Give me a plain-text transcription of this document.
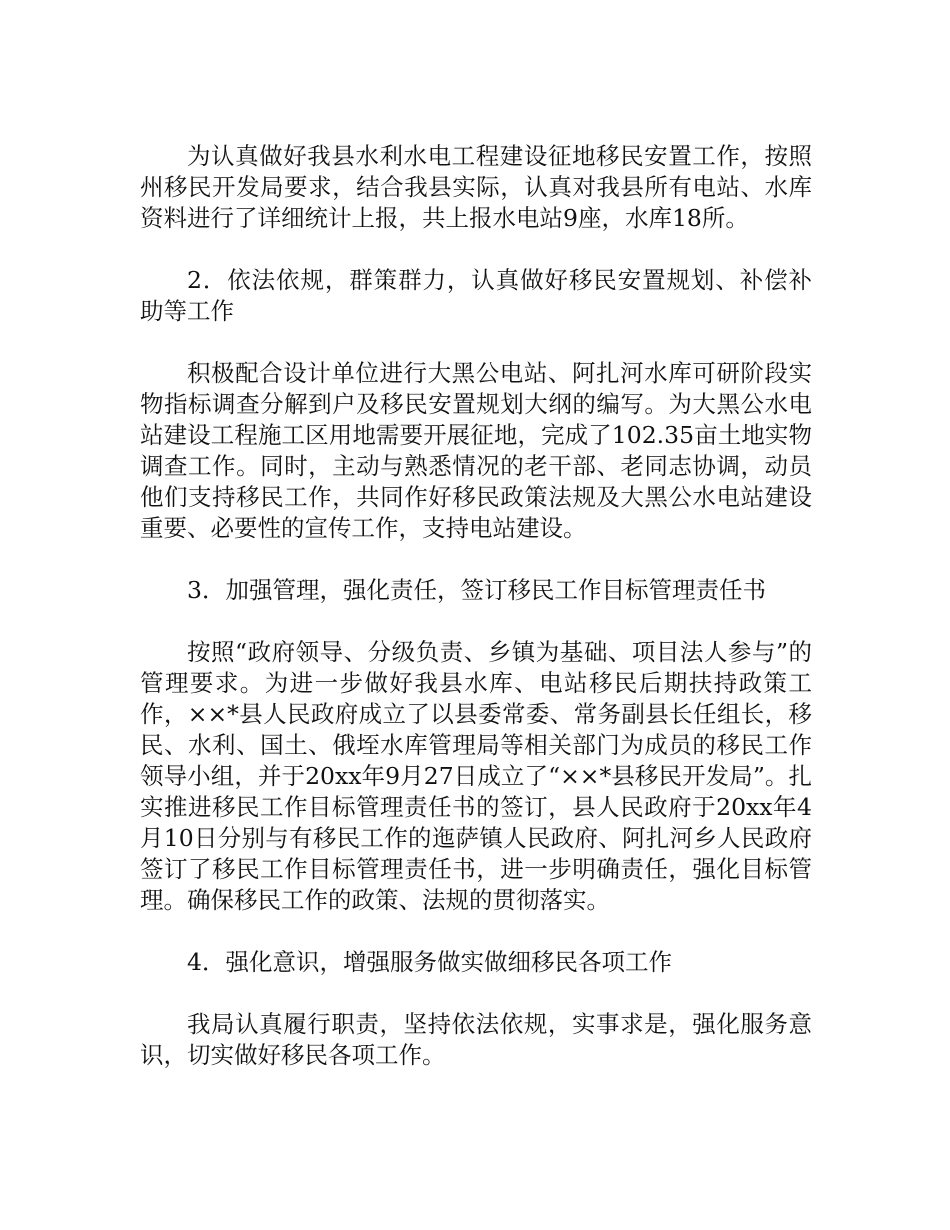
为认真做好我县水利水电工程建设征地移民安置工作，按照州移民开发局要求，结合我县实际，认真对我县所有电站、水库资料进行了详细统计上报，共上报水电站9座，水库18所。

2．依法依规，群策群力，认真做好移民安置规划、补偿补助等工作

积极配合设计单位进行大黑公电站、阿扎河水库可研阶段实物指标调查分解到户及移民安置规划大纲的编写。为大黑公水电站建设工程施工区用地需要开展征地，完成了102.35亩土地实物调查工作。同时，主动与熟悉情况的老干部、老同志协调，动员他们支持移民工作，共同作好移民政策法规及大黑公水电站建设重要、必要性的宣传工作，支持电站建设。

3．加强管理，强化责任，签订移民工作目标管理责任书

按照“政府领导、分级负责、乡镇为基础、项目法人参与”的管理要求。为进一步做好我县水库、电站移民后期扶持政策工作，××*县人民政府成立了以县委常委、常务副县长任组长，移民、水利、国土、俄垤水库管理局等相关部门为成员的移民工作领导小组，并于20xx年9月27日成立了“××*县移民开发局”。扎实推进移民工作目标管理责任书的签订，县人民政府于20xx年4月10日分别与有移民工作的迤萨镇人民政府、阿扎河乡人民政府签订了移民工作目标管理责任书，进一步明确责任，强化目标管理。确保移民工作的政策、法规的贯彻落实。

4．强化意识，增强服务做实做细移民各项工作

我局认真履行职责，坚持依法依规，实事求是，强化服务意识，切实做好移民各项工作。
